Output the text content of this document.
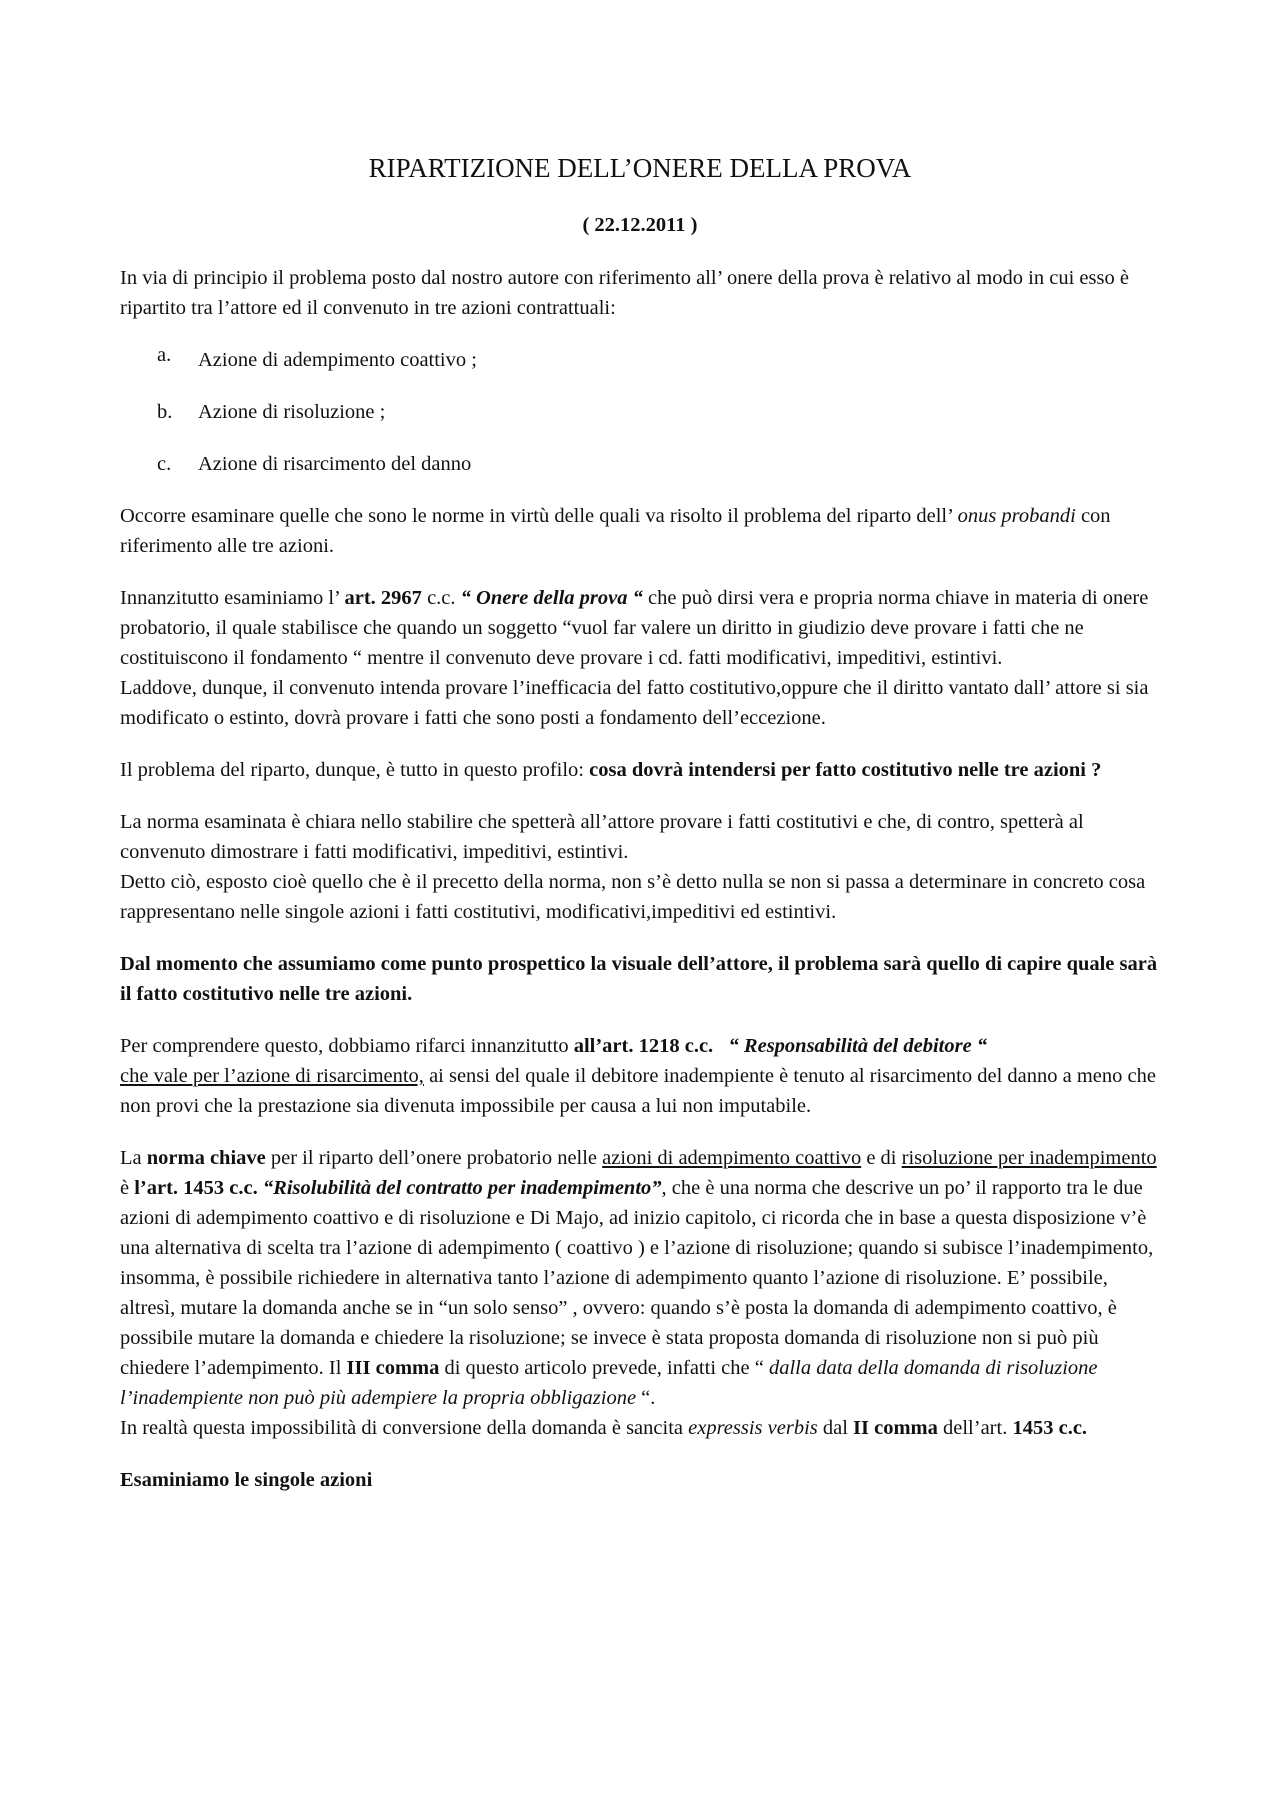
RIPARTIZIONE DELL’ONERE DELLA PROVA
( 22.12.2011 )

In via di principio il problema posto dal nostro autore con riferimento all’ onere della prova è relativo al modo in cui esso è ripartito tra l’attore ed il convenuto in tre azioni contrattuali:

a. Azione di adempimento coattivo ;
b. Azione di risoluzione ;
c. Azione di risarcimento del danno

Occorre esaminare quelle che sono le norme in virtù delle quali va risolto il problema del riparto dell’ onus probandi con riferimento alle tre azioni.

Innanzitutto esaminiamo l’ art. 2967 c.c. “ Onere della prova “ che può dirsi vera e propria norma chiave in materia di onere probatorio, il quale stabilisce che quando un soggetto “vuol far valere un diritto in giudizio deve provare i fatti che ne costituiscono il fondamento “ mentre il convenuto deve provare i cd. fatti modificativi, impeditivi, estintivi.
Laddove, dunque, il convenuto intenda provare l’inefficacia del fatto costitutivo,oppure che il diritto vantato dall’ attore si sia modificato o estinto, dovrà provare i fatti che sono posti a fondamento dell’eccezione.

Il problema del riparto, dunque, è tutto in questo profilo: cosa dovrà intendersi per fatto costitutivo nelle tre azioni ?

La norma esaminata è chiara nello stabilire che spetterà all’attore provare i fatti costitutivi e che, di contro, spetterà al convenuto dimostrare i fatti modificativi, impeditivi, estintivi.
Detto ciò, esposto cioè quello che è il precetto della norma, non s’è detto nulla se non si passa a determinare in concreto cosa rappresentano nelle singole azioni i fatti costitutivi, modificativi,impeditivi ed estintivi.

Dal momento che assumiamo come punto prospettico la visuale dell’attore, il problema sarà quello di capire quale sarà il fatto costitutivo nelle tre azioni.

Per comprendere questo, dobbiamo rifarci innanzitutto all’art. 1218 c.c. “ Responsabilità del debitore “
che vale per l’azione di risarcimento, ai sensi del quale il debitore inadempiente è tenuto al risarcimento del danno a meno che non provi che la prestazione sia divenuta impossibile per causa a lui non imputabile.

La norma chiave per il riparto dell’onere probatorio nelle azioni di adempimento coattivo e di risoluzione per inadempimento è l’art. 1453 c.c. “Risolubilità del contratto per inadempimento”, che è una norma che descrive un po’ il rapporto tra le due azioni di adempimento coattivo e di risoluzione e Di Majo, ad inizio capitolo, ci ricorda che in base a questa disposizione v’è una alternativa di scelta tra l’azione di adempimento ( coattivo ) e l’azione di risoluzione; quando si subisce l’inadempimento, insomma, è possibile richiedere in alternativa tanto l’azione di adempimento quanto l’azione di risoluzione. E’ possibile, altresì, mutare la domanda anche se in “un solo senso” , ovvero: quando s’è posta la domanda di adempimento coattivo, è possibile mutare la domanda e chiedere la risoluzione; se invece è stata proposta domanda di risoluzione non si può più chiedere l’adempimento. Il III comma di questo articolo prevede, infatti che “ dalla data della domanda di risoluzione l’inadempiente non può più adempiere la propria obbligazione “.
In realtà questa impossibilità di conversione della domanda è sancita expressis verbis dal II comma dell’art. 1453 c.c.

Esaminiamo le singole azioni
